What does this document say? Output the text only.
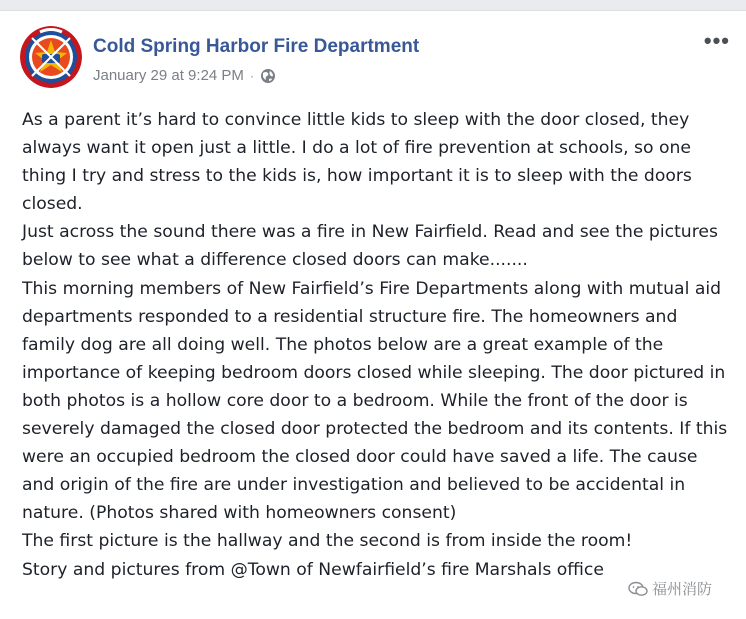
Cold Spring Harbor Fire Department
January 29 at 9:24 PM ·
•••

As a parent it’s hard to convince little kids to sleep with the door closed, they always want it open just a little. I do a lot of fire prevention at schools, so one thing I try and stress to the kids is, how important it is to sleep with the doors closed.

Just across the sound there was a fire in New Fairfield. Read and see the pictures below to see what a difference closed doors can make.......

This morning members of New Fairfield’s Fire Departments along with mutual aid departments responded to a residential structure fire. The homeowners and family dog are all doing well. The photos below are a great example of the importance of keeping bedroom doors closed while sleeping. The door pictured in both photos is a hollow core door to a bedroom. While the front of the door is severely damaged the closed door protected the bedroom and its contents. If this were an occupied bedroom the closed door could have saved a life. The cause and origin of the fire are under investigation and believed to be accidental in nature. (Photos shared with homeowners consent)

The first picture is the hallway and the second is from inside the room!

Story and pictures from @Town of Newfairfield’s fire Marshals office

福州消防
